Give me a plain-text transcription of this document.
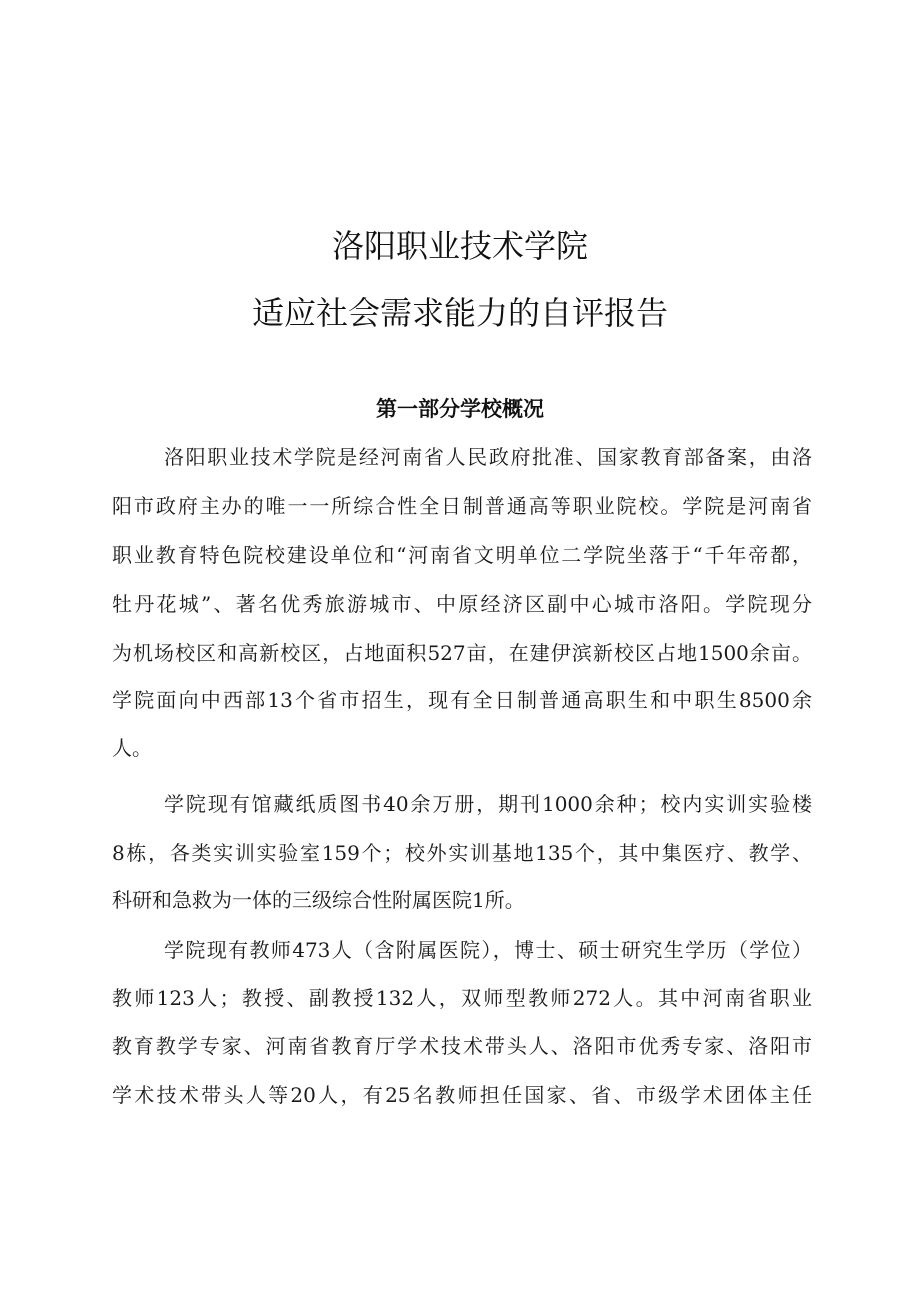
洛阳职业技术学院
适应社会需求能力的自评报告
第一部分学校概况
洛阳职业技术学院是经河南省人民政府批准、国家教育部备案，由洛
阳市政府主办的唯一一所综合性全日制普通高等职业院校。学院是河南省
职业教育特色院校建设单位和“河南省文明单位二学院坐落于“千年帝都，
牡丹花城”、著名优秀旅游城市、中原经济区副中心城市洛阳。学院现分
为机场校区和高新校区，占地面积527亩，在建伊滨新校区占地1500余亩。
学院面向中西部13个省市招生，现有全日制普通高职生和中职生8500余
人。
学院现有馆藏纸质图书40余万册，期刊1000余种；校内实训实验楼
8栋，各类实训实验室159个；校外实训基地135个，其中集医疗、教学、
科研和急救为一体的三级综合性附属医院1所。
学院现有教师473人（含附属医院），博士、硕士研究生学历（学位）
教师123人；教授、副教授132人，双师型教师272人。其中河南省职业
教育教学专家、河南省教育厅学术技术带头人、洛阳市优秀专家、洛阳市
学术技术带头人等20人，有25名教师担任国家、省、市级学术团体主任
